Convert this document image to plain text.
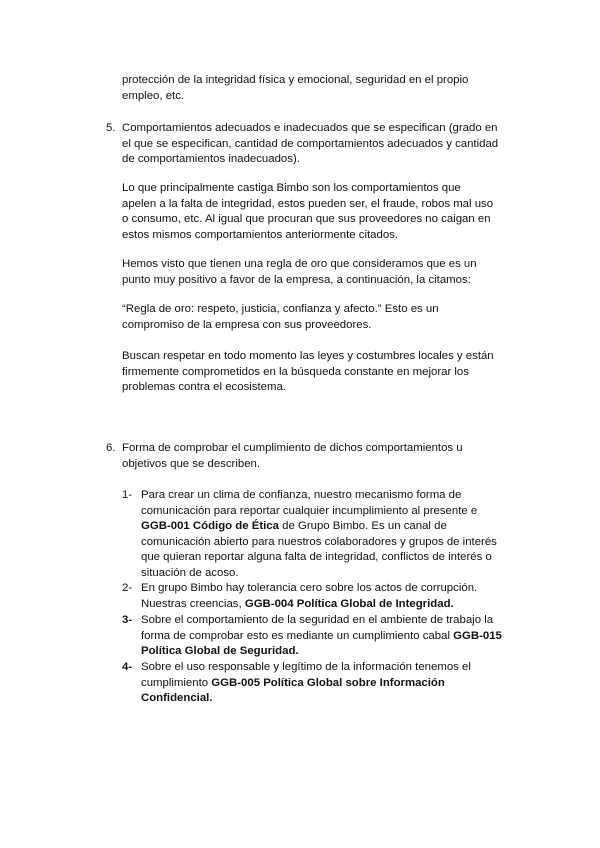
protección de la integridad física y emocional, seguridad en el propio empleo, etc.

5. Comportamientos adecuados e inadecuados que se especifican (grado en el que se especifican, cantidad de comportamientos adecuados y cantidad de comportamientos inadecuados).

Lo que principalmente castiga Bimbo son los comportamientos que apelen a la falta de integridad, estos pueden ser, el fraude, robos mal uso o consumo, etc. Al igual que procuran que sus proveedores no caigan en estos mismos comportamientos anteriormente citados.

Hemos visto que tienen una regla de oro que consideramos que es un punto muy positivo a favor de la empresa, a continuación, la citamos:

“Regla de oro: respeto, justicia, confianza y afecto.” Esto es un compromiso de la empresa con sus proveedores.

Buscan respetar en todo momento las leyes y costumbres locales y están firmemente comprometidos en la búsqueda constante en mejorar los problemas contra el ecosistema.

6. Forma de comprobar el cumplimiento de dichos comportamientos u objetivos que se describen.

1- Para crear un clima de confianza, nuestro mecanismo forma de comunicación para reportar cualquier incumplimiento al presente e GGB-001 Código de Ética de Grupo Bimbo. Es un canal de comunicación abierto para nuestros colaboradores y grupos de interés que quieran reportar alguna falta de integridad, conflictos de interés o situación de acoso.

2- En grupo Bimbo hay tolerancia cero sobre los actos de corrupción. Nuestras creencias, GGB-004 Política Global de Integridad.

3- Sobre el comportamiento de la seguridad en el ambiente de trabajo la forma de comprobar esto es mediante un cumplimiento cabal GGB-015 Política Global de Seguridad.

4- Sobre el uso responsable y legítimo de la información tenemos el cumplimiento GGB-005 Política Global sobre Información Confidencial.
